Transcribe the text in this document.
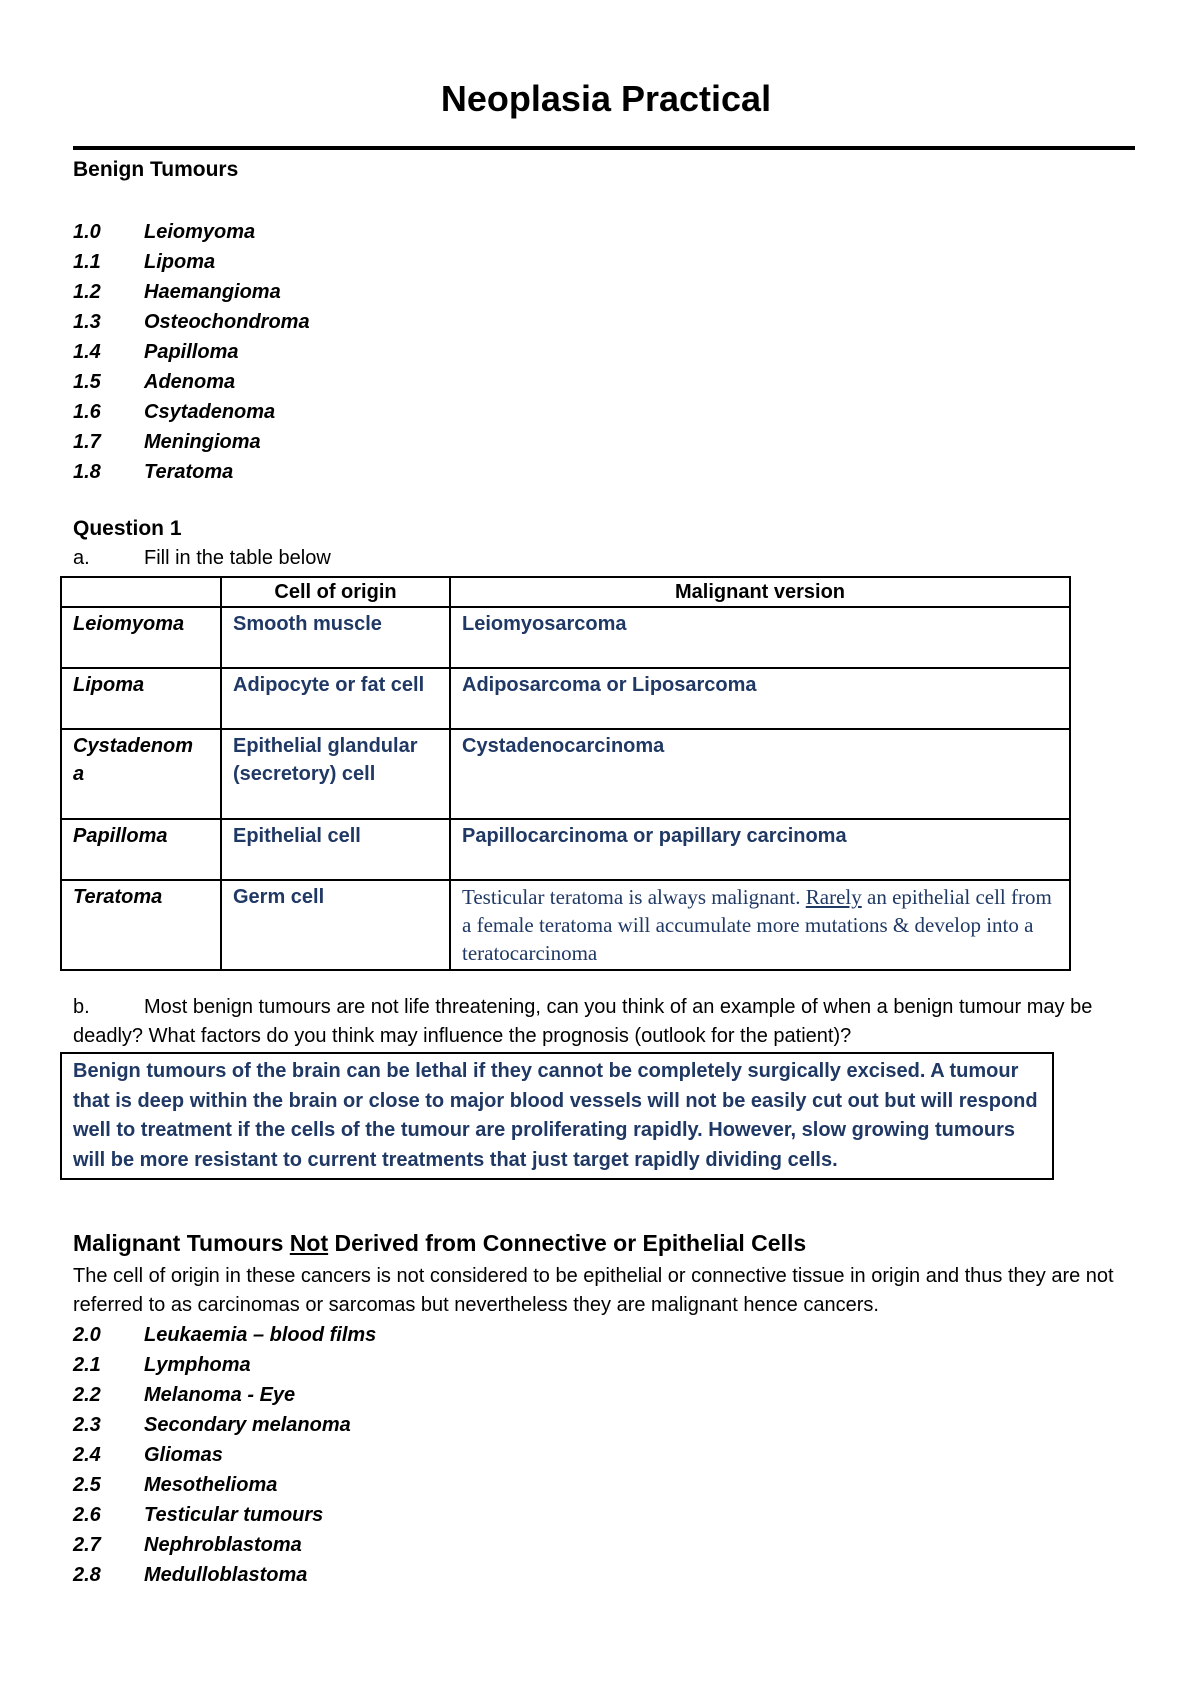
Neoplasia Practical
Benign Tumours
1.0 Leiomyoma
1.1 Lipoma
1.2 Haemangioma
1.3 Osteochondroma
1.4 Papilloma
1.5 Adenoma
1.6 Csytadenoma
1.7 Meningioma
1.8 Teratoma
Question 1
a.	Fill in the table below
	Cell of origin	Malignant version
Leiomyoma	Smooth muscle	Leiomyosarcoma
Lipoma	Adipocyte or fat cell	Adiposarcoma or Liposarcoma
Cystadenom a	Epithelial glandular (secretory) cell	Cystadenocarcinoma
Papilloma	Epithelial cell	Papillocarcinoma or papillary carcinoma
Teratoma	Germ cell	Testicular teratoma is always malignant. Rarely an epithelial cell from a female teratoma will accumulate more mutations & develop into a teratocarcinoma
b.	Most benign tumours are not life threatening, can you think of an example of when a benign tumour may be deadly? What factors do you think may influence the prognosis (outlook for the patient)?
Benign tumours of the brain can be lethal if they cannot be completely surgically excised. A tumour that is deep within the brain or close to major blood vessels will not be easily cut out but will respond well to treatment if the cells of the tumour are proliferating rapidly. However, slow growing tumours will be more resistant to current treatments that just target rapidly dividing cells.
Malignant Tumours Not Derived from Connective or Epithelial Cells
The cell of origin in these cancers is not considered to be epithelial or connective tissue in origin and thus they are not referred to as carcinomas or sarcomas but nevertheless they are malignant hence cancers.
2.0 Leukaemia – blood films
2.1 Lymphoma
2.2 Melanoma - Eye
2.3 Secondary melanoma
2.4 Gliomas
2.5 Mesothelioma
2.6 Testicular tumours
2.7 Nephroblastoma
2.8 Medulloblastoma
